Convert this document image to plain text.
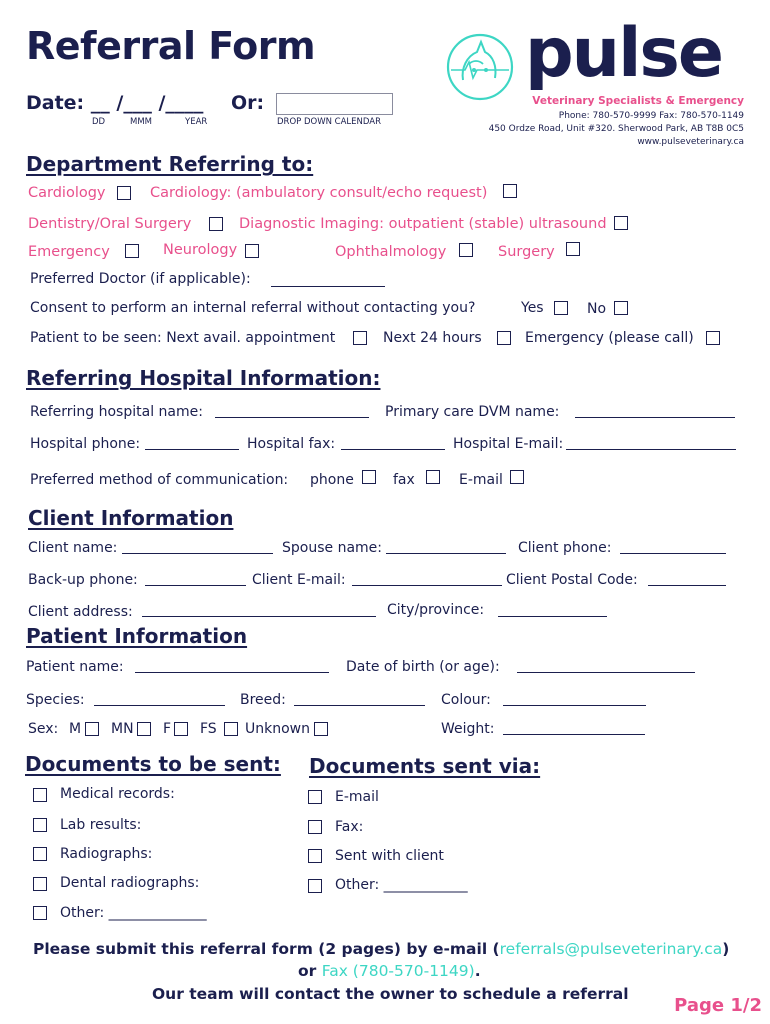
Referral Form
Date: __ /___ /____ Or:
DD	MMM	YEAR	DROP DOWN CALENDAR
pulse
Veterinary Specialists & Emergency
Phone: 780-570-9999 Fax: 780-570-1149
450 Ordze Road, Unit #320. Sherwood Park, AB T8B 0C5
www.pulseveterinary.ca
Department Referring to:
Cardiology	Cardiology: (ambulatory consult/echo request)
Dentistry/Oral Surgery	Diagnostic Imaging: outpatient (stable) ultrasound
Emergency	Neurology	Ophthalmology	Surgery
Preferred Doctor (if applicable):
Consent to perform an internal referral without contacting you?	Yes	No
Patient to be seen: Next avail. appointment	Next 24 hours	Emergency (please call)
Referring Hospital Information:
Referring hospital name:	Primary care DVM name:
Hospital phone:	Hospital fax:	Hospital E-mail:
Preferred method of communication: phone	fax	E-mail
Client Information
Client name:	Spouse name:	Client phone:
Back-up phone:	Client E-mail:	Client Postal Code:
Client address:	City/province:
Patient Information
Patient name:	Date of birth (or age):
Species:	Breed:	Colour:
Sex: M MN F FS Unknown	Weight:
Documents to be sent: Documents sent via:
Medical records:
Lab results:
Radiographs:
Dental radiographs:
Other: ______________
E-mail
Fax:
Sent with client
Other: ____________
Please submit this referral form (2 pages) by e-mail (referrals@pulseveterinary.ca)
or Fax (780-570-1149).
Our team will contact the owner to schedule a referral
Page 1/2
